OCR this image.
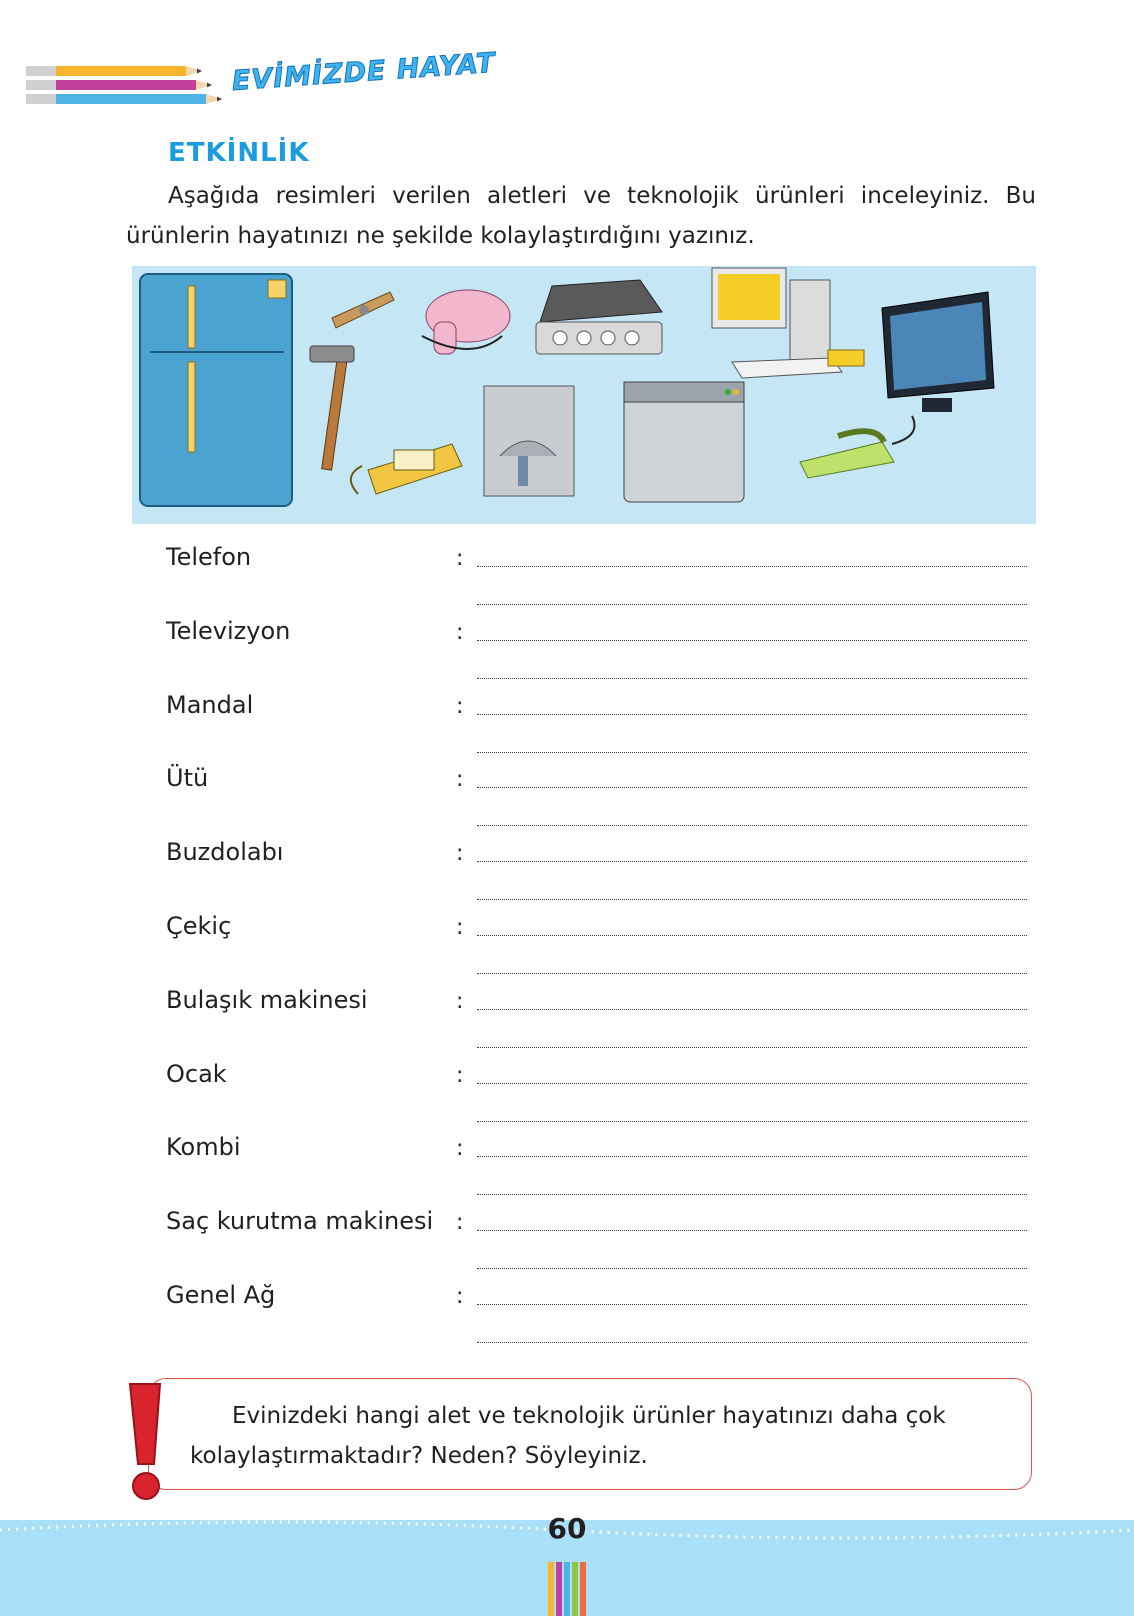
EVİMİZDE HAYAT
ETKİNLİK
Aşağıda resimleri verilen aletleri ve teknolojik ürünleri inceleyiniz. Bu ürünlerin hayatınızı ne şekilde kolaylaştırdığını yazınız.
Telefon	:
Televizyon	:
Mandal	:
Ütü	:
Buzdolabı	:
Çekiç	:
Bulaşık makinesi	:
Ocak	:
Kombi	:
Saç kurutma makinesi :
Genel Ağ	:
Evinizdeki hangi alet ve teknolojik ürünler hayatınızı daha çok kolaylaştırmaktadır? Neden? Söyleyiniz.
60
